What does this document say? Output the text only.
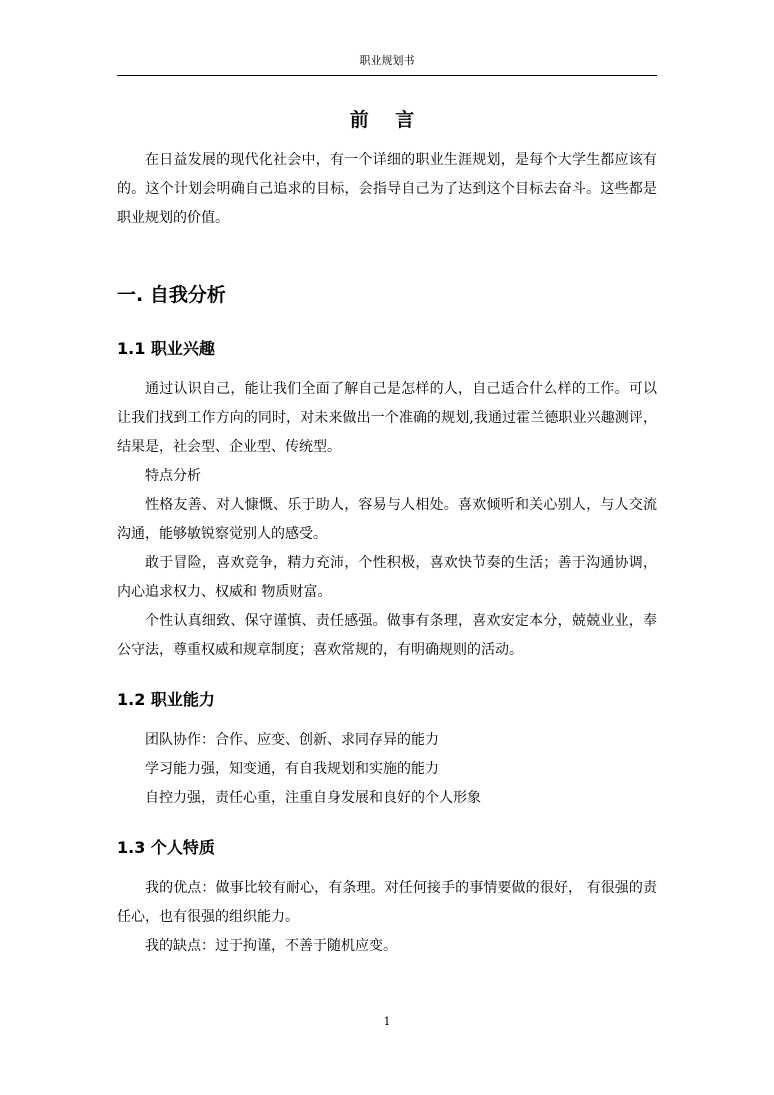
职业规划书
前 言

在日益发展的现代化社会中，有一个详细的职业生涯规划，是每个大学生都应该有的。这个计划会明确自己追求的目标，会指导自己为了达到这个目标去奋斗。这些都是职业规划的价值。

一. 自我分析
1.1 职业兴趣

通过认识自己，能让我们全面了解自己是怎样的人，自己适合什么样的工作。可以让我们找到工作方向的同时，对未来做出一个准确的规划,我通过霍兰德职业兴趣测评，结果是，社会型、企业型、传统型。

特点分析

性格友善、对人慷慨、乐于助人，容易与人相处。喜欢倾听和关心别人，与人交流沟通，能够敏锐察觉别人的感受。

敢于冒险，喜欢竞争，精力充沛，个性积极，喜欢快节奏的生活；善于沟通协调，内心追求权力、权威和 物质财富。

个性认真细致、保守谨慎、责任感强。做事有条理，喜欢安定本分，兢兢业业，奉公守法，尊重权威和规章制度；喜欢常规的，有明确规则的活动。

1.2 职业能力

团队协作：合作、应变、创新、求同存异的能力

学习能力强，知变通，有自我规划和实施的能力

自控力强，责任心重，注重自身发展和良好的个人形象

1.3 个人特质

我的优点：做事比较有耐心，有条理。对任何接手的事情要做的很好， 有很强的责任心，也有很强的组织能力。

我的缺点：过于拘谨，不善于随机应变。

1
